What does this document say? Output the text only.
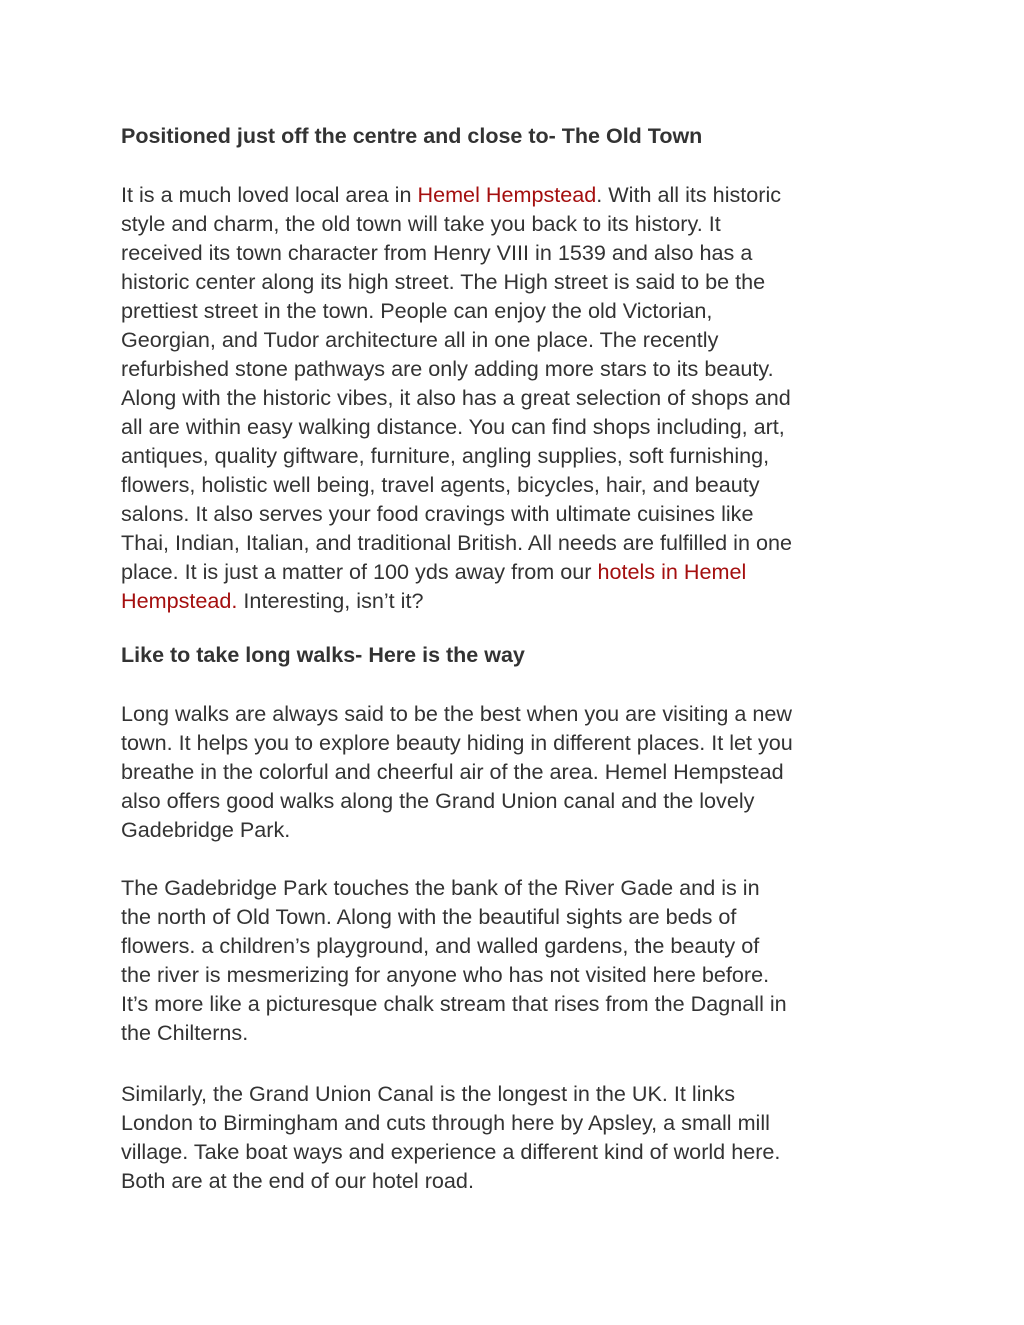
Positioned just off the centre and close to- The Old Town

It is a much loved local area in Hemel Hempstead. With all its historic
style and charm, the old town will take you back to its history. It
received its town character from Henry VIII in 1539 and also has a
historic center along its high street. The High street is said to be the
prettiest street in the town. People can enjoy the old Victorian,
Georgian, and Tudor architecture all in one place. The recently
refurbished stone pathways are only adding more stars to its beauty.
Along with the historic vibes, it also has a great selection of shops and
all are within easy walking distance. You can find shops including, art,
antiques, quality giftware, furniture, angling supplies, soft furnishing,
flowers, holistic well being, travel agents, bicycles, hair, and beauty
salons. It also serves your food cravings with ultimate cuisines like
Thai, Indian, Italian, and traditional British. All needs are fulfilled in one
place. It is just a matter of 100 yds away from our hotels in Hemel
Hempstead. Interesting, isn’t it?

Like to take long walks- Here is the way

Long walks are always said to be the best when you are visiting a new
town. It helps you to explore beauty hiding in different places. It let you
breathe in the colorful and cheerful air of the area. Hemel Hempstead
also offers good walks along the Grand Union canal and the lovely
Gadebridge Park.

The Gadebridge Park touches the bank of the River Gade and is in
the north of Old Town. Along with the beautiful sights are beds of
flowers. a children’s playground, and walled gardens, the beauty of
the river is mesmerizing for anyone who has not visited here before.
It’s more like a picturesque chalk stream that rises from the Dagnall in
the Chilterns.

Similarly, the Grand Union Canal is the longest in the UK. It links
London to Birmingham and cuts through here by Apsley, a small mill
village. Take boat ways and experience a different kind of world here.
Both are at the end of our hotel road.
